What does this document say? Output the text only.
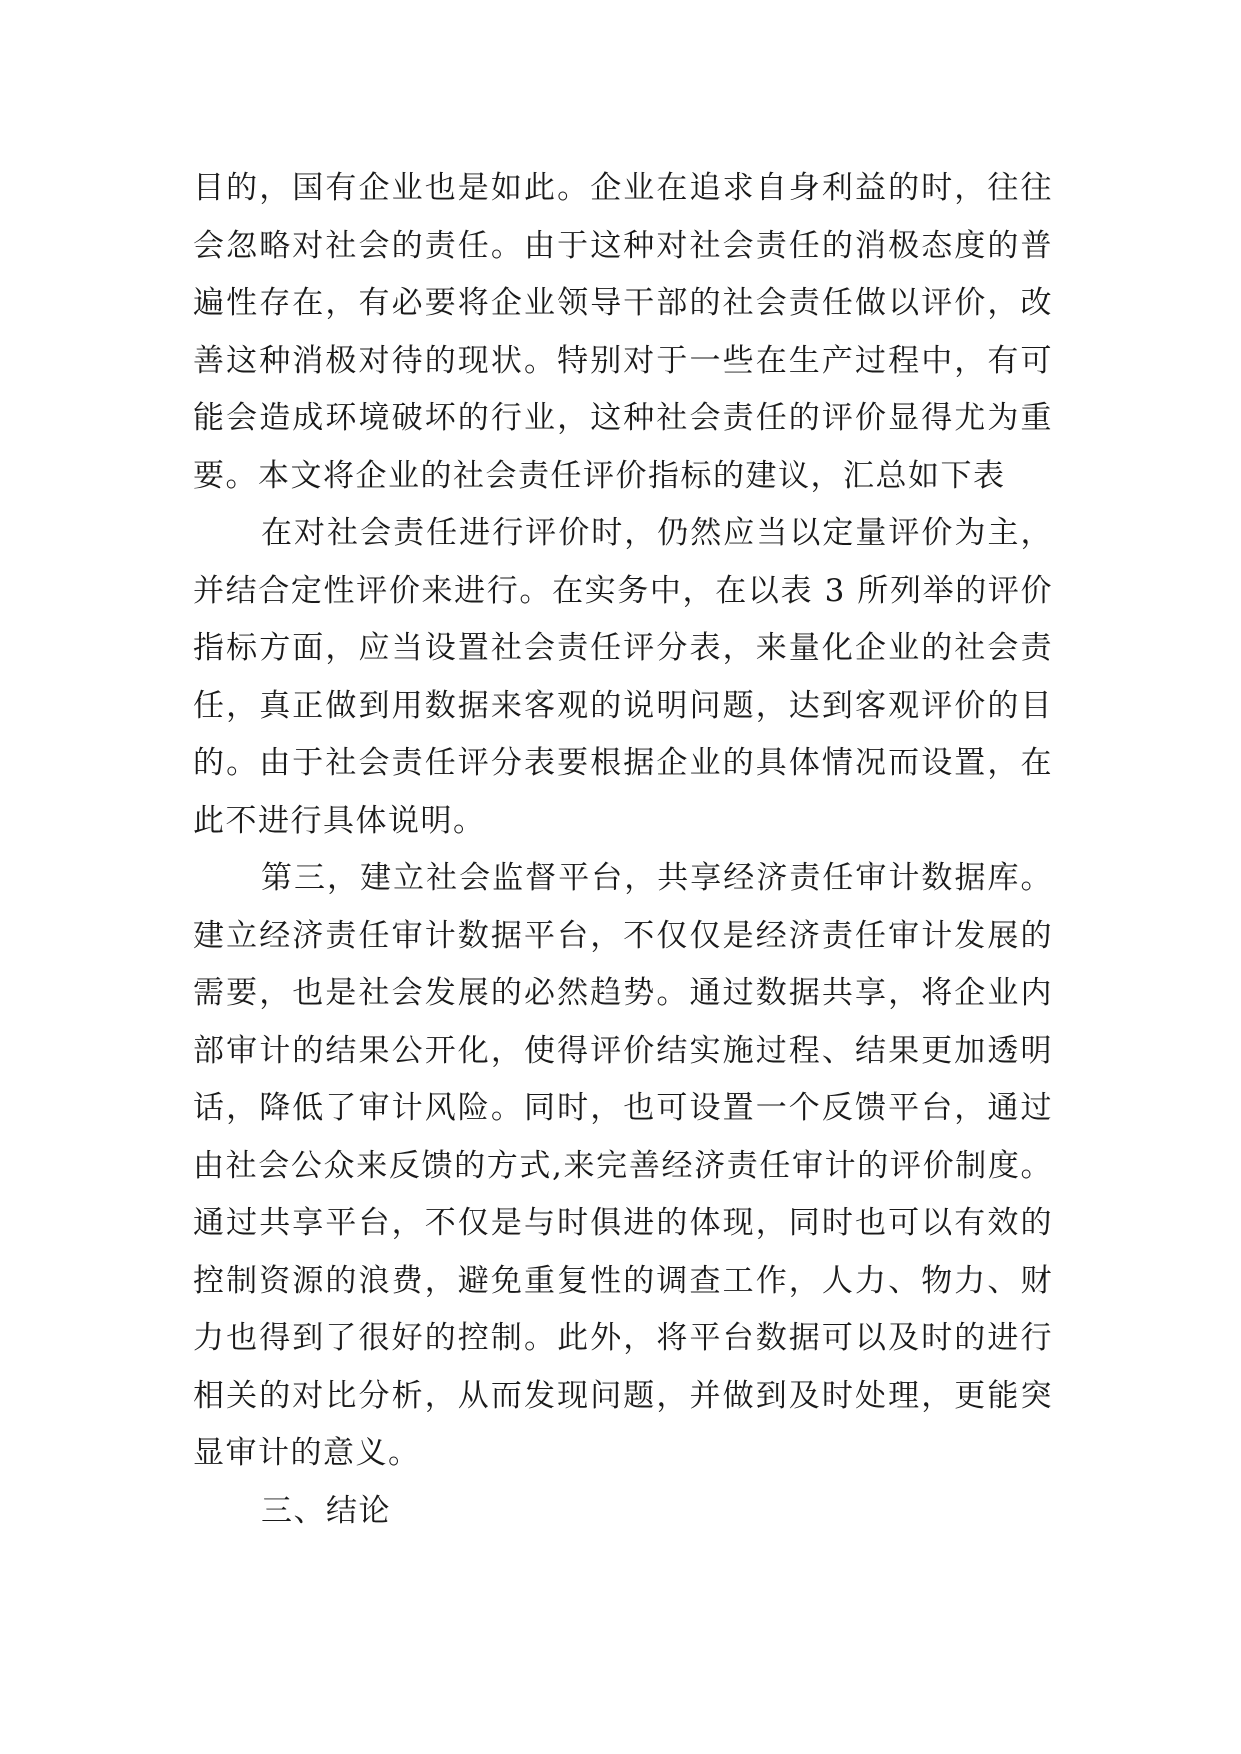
目的，国有企业也是如此。企业在追求自身利益的时，往往
会忽略对社会的责任。由于这种对社会责任的消极态度的普
遍性存在，有必要将企业领导干部的社会责任做以评价，改
善这种消极对待的现状。特别对于一些在生产过程中，有可
能会造成环境破坏的行业，这种社会责任的评价显得尤为重
要。本文将企业的社会责任评价指标的建议，汇总如下表
在对社会责任进行评价时，仍然应当以定量评价为主，
并结合定性评价来进行。在实务中，在以表 3 所列举的评价
指标方面，应当设置社会责任评分表，来量化企业的社会责
任，真正做到用数据来客观的说明问题，达到客观评价的目
的。由于社会责任评分表要根据企业的具体情况而设置，在
此不进行具体说明。
第三，建立社会监督平台，共享经济责任审计数据库。
建立经济责任审计数据平台，不仅仅是经济责任审计发展的
需要，也是社会发展的必然趋势。通过数据共享，将企业内
部审计的结果公开化，使得评价结实施过程、结果更加透明
话，降低了审计风险。同时，也可设置一个反馈平台，通过
由社会公众来反馈的方式,来完善经济责任审计的评价制度。
通过共享平台，不仅是与时俱进的体现，同时也可以有效的
控制资源的浪费，避免重复性的调查工作，人力、物力、财
力也得到了很好的控制。此外，将平台数据可以及时的进行
相关的对比分析，从而发现问题，并做到及时处理，更能突
显审计的意义。
三、结论
